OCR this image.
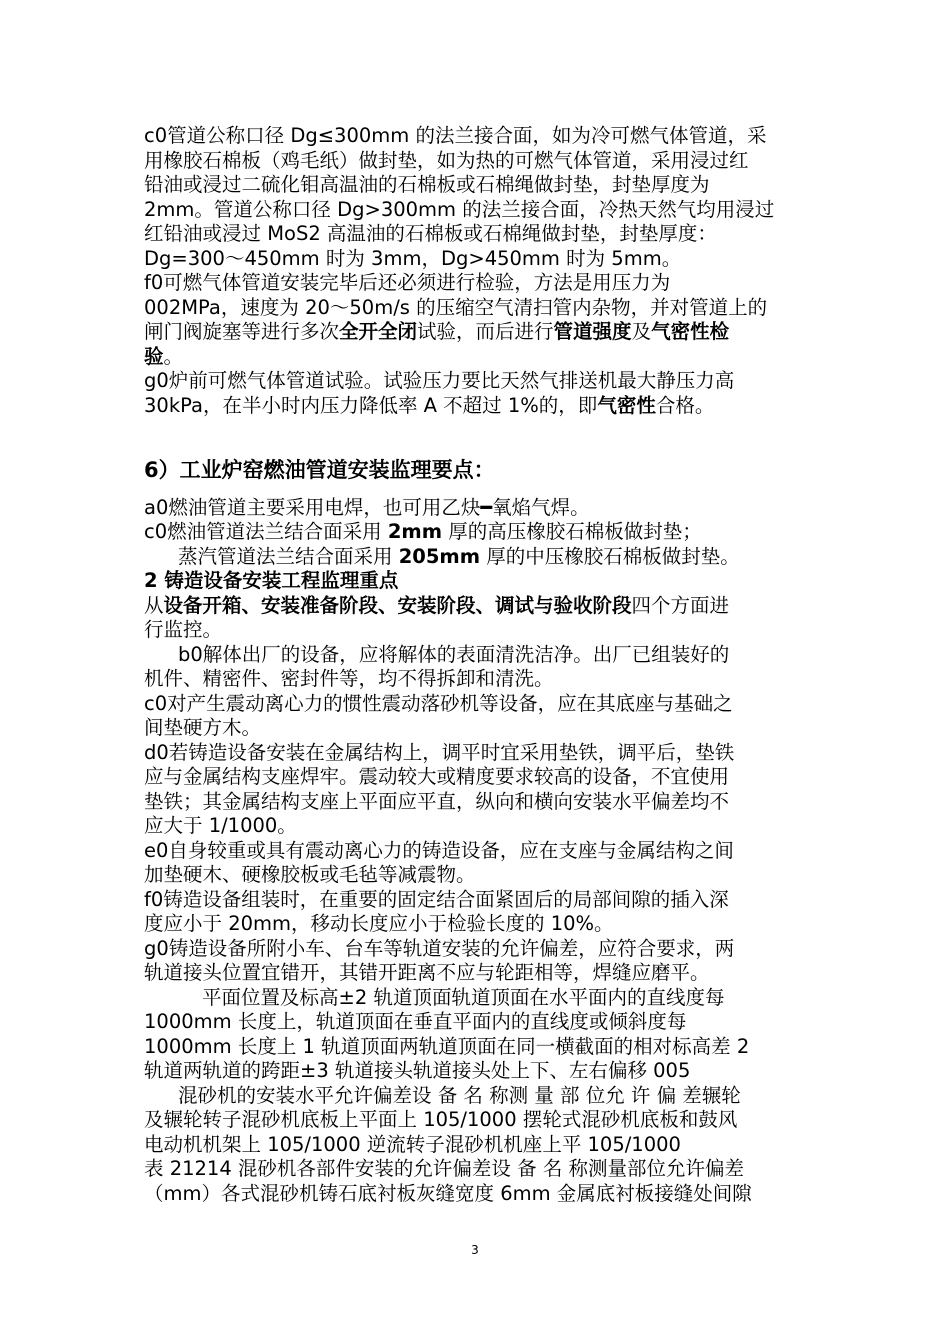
c0管道公称口径 Dg≤300mm 的法兰接合面，如为冷可燃气体管道，采

用橡胶石棉板（鸡毛纸）做封垫，如为热的可燃气体管道，采用浸过红

铅油或浸过二硫化钼高温油的石棉板或石棉绳做封垫，封垫厚度为

2mm。管道公称口径 Dg>300mm 的法兰接合面，冷热天然气均用浸过

红铅油或浸过 MoS2 高温油的石棉板或石棉绳做封垫，封垫厚度：

Dg=300～450mm 时为 3mm，Dg>450mm 时为 5mm。

f0可燃气体管道安装完毕后还必须进行检验，方法是用压力为

002MPa，速度为 20～50m/s 的压缩空气清扫管内杂物，并对管道上的

闸门阀旋塞等进行多次全开全闭试验，而后进行管道强度及气密性检

验。

g0炉前可燃气体管道试验。试验压力要比天然气排送机最大静压力高

30kPa，在半小时内压力降低率 A 不超过 1%的，即气密性合格。

6）工业炉窑燃油管道安装监理要点：

a0燃油管道主要采用电焊，也可用乙炔━氧焰气焊。

c0燃油管道法兰结合面采用 2mm 厚的高压橡胶石棉板做封垫；

蒸汽管道法兰结合面采用 205mm 厚的中压橡胶石棉板做封垫。

2 铸造设备安装工程监理重点

从设备开箱、安装准备阶段、安装阶段、调试与验收阶段四个方面进

行监控。

b0解体出厂的设备，应将解体的表面清洗洁净。出厂已组装好的

机件、精密件、密封件等，均不得拆卸和清洗。

c0对产生震动离心力的惯性震动落砂机等设备，应在其底座与基础之

间垫硬方木。

d0若铸造设备安装在金属结构上，调平时宜采用垫铁，调平后，垫铁

应与金属结构支座焊牢。震动较大或精度要求较高的设备，不宜使用

垫铁；其金属结构支座上平面应平直，纵向和横向安装水平偏差均不

应大于 1/1000。

e0自身较重或具有震动离心力的铸造设备，应在支座与金属结构之间

加垫硬木、硬橡胶板或毛毡等减震物。

f0铸造设备组装时，在重要的固定结合面紧固后的局部间隙的插入深

度应小于 20mm，移动长度应小于检验长度的 10%。

g0铸造设备所附小车、台车等轨道安装的允许偏差，应符合要求，两

轨道接头位置宜错开，其错开距离不应与轮距相等，焊缝应磨平。

平面位置及标高±2 轨道顶面轨道顶面在水平面内的直线度每

1000mm 长度上，轨道顶面在垂直平面内的直线度或倾斜度每

1000mm 长度上 1 轨道顶面两轨道顶面在同一横截面的相对标高差 2

轨道两轨道的跨距±3 轨道接头轨道接头处上下、左右偏移 005

混砂机的安装水平允许偏差设 备 名 称测 量 部 位允 许 偏 差辗轮

及辗轮转子混砂机底板上平面上 105/1000 摆轮式混砂机底板和鼓风

电动机机架上 105/1000 逆流转子混砂机机座上平 105/1000

表 21214 混砂机各部件安装的允许偏差设 备 名 称测量部位允许偏差

（mm）各式混砂机铸石底衬板灰缝宽度 6mm 金属底衬板接缝处间隙

3
